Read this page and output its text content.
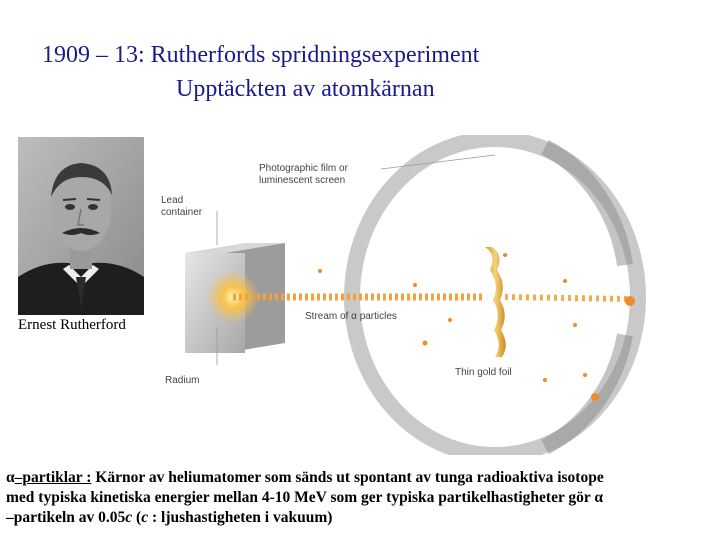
1909 – 13: Rutherfords spridningsexperiment
Upptäckten av atomkärnan
Ernest Rutherford
Photographic film or
luminescent screen
Lead
container
Stream of α particles
Thin gold foil
Radium
α–partiklar : Kärnor av heliumatomer som sänds ut spontant av tunga radioaktiva isotope
med typiska kinetiska energier mellan 4-10 MeV som ger typiska partikelhastigheter gör α
–partikeln av 0.05c (c : ljushastigheten i vakuum)
